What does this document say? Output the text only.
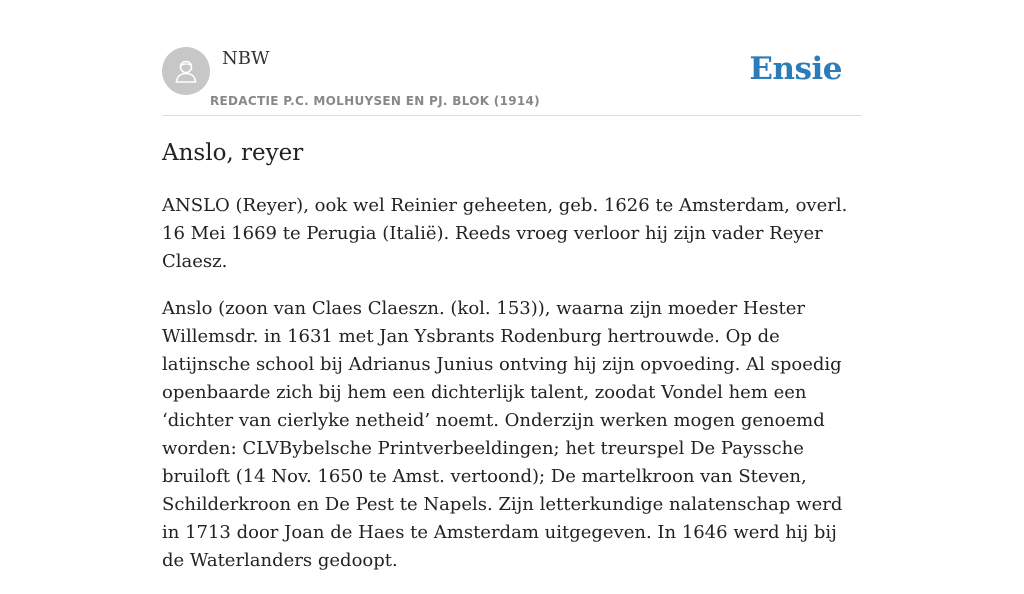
NBW
REDACTIE P.C. MOLHUYSEN EN PJ. BLOK (1914)
Ensie
Anslo, reyer

ANSLO (Reyer), ook wel Reinier geheeten, geb. 1626 te Amsterdam, overl. 16 Mei 1669 te Perugia (Italië). Reeds vroeg verloor hij zijn vader Reyer Claesz.

Anslo (zoon van Claes Claeszn. (kol. 153)), waarna zijn moeder Hester Willemsdr. in 1631 met Jan Ysbrants Rodenburg hertrouwde. Op de latijnsche school bij Adrianus Junius ontving hij zijn opvoeding. Al spoedig openbaarde zich bij hem een dichterlijk talent, zoodat Vondel hem een ‘dichter van cierlyke netheid’ noemt. Onderzijn werken mogen genoemd worden: CLVBybelsche Printverbeeldingen; het treurspel De Payssche bruiloft (14 Nov. 1650 te Amst. vertoond); De martelkroon van Steven, Schilderkroon en De Pest te Napels. Zijn letterkundige nalatenschap werd in 1713 door Joan de Haes te Amsterdam uitgegeven. In 1646 werd hij bij de Waterlanders gedoopt.
